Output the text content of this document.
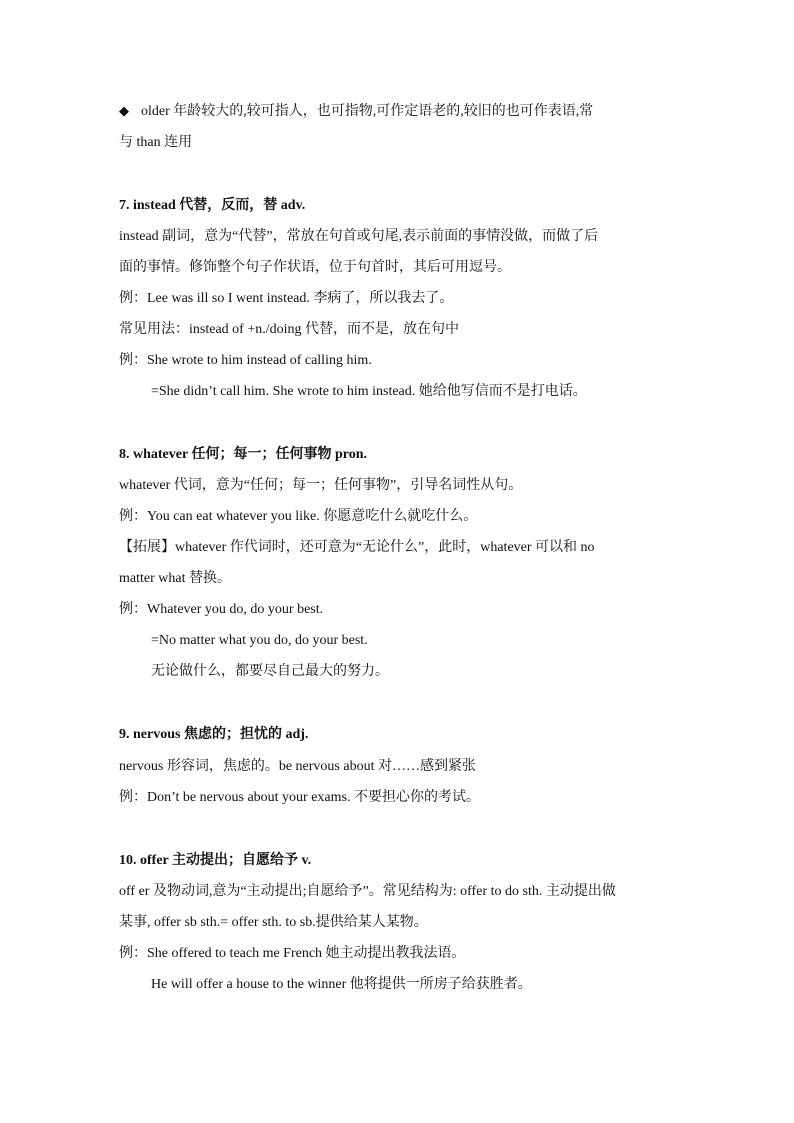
◆ older 年龄较大的,较可指人，也可指物,可作定语老的,较旧的也可作表语,常
与 than 连用
7. instead 代替，反而，替 adv.
instead 副词，意为“代替”，常放在句首或句尾,表示前面的事情没做，而做了后
面的事情。修饰整个句子作状语，位于句首时，其后可用逗号。
例：Lee was ill so I went instead. 李病了，所以我去了。
常见用法：instead of +n./doing 代替，而不是，放在句中
例：She wrote to him instead of calling him.
=She didn’t call him. She wrote to him instead. 她给他写信而不是打电话。
8. whatever 任何；每一；任何事物 pron.
whatever 代词，意为“任何；每一；任何事物”，引导名词性从句。
例：You can eat whatever you like. 你愿意吃什么就吃什么。
【拓展】whatever 作代词时，还可意为“无论什么”，此时，whatever 可以和 no
matter what 替换。
例：Whatever you do, do your best.
=No matter what you do, do your best.
无论做什么，都要尽自己最大的努力。
9. nervous 焦虑的；担忧的 adj.
nervous 形容词，焦虑的。be nervous about 对……感到紧张
例：Don’t be nervous about your exams. 不要担心你的考试。
10. offer 主动提出；自愿给予 v.
off er 及物动词,意为“主动提出;自愿给予”。常见结构为: offer to do sth. 主动提出做
某事, offer sb sth.= offer sth. to sb.提供给某人某物。
例：She offered to teach me French 她主动提出教我法语。
He will offer a house to the winner 他将提供一所房子给获胜者。
